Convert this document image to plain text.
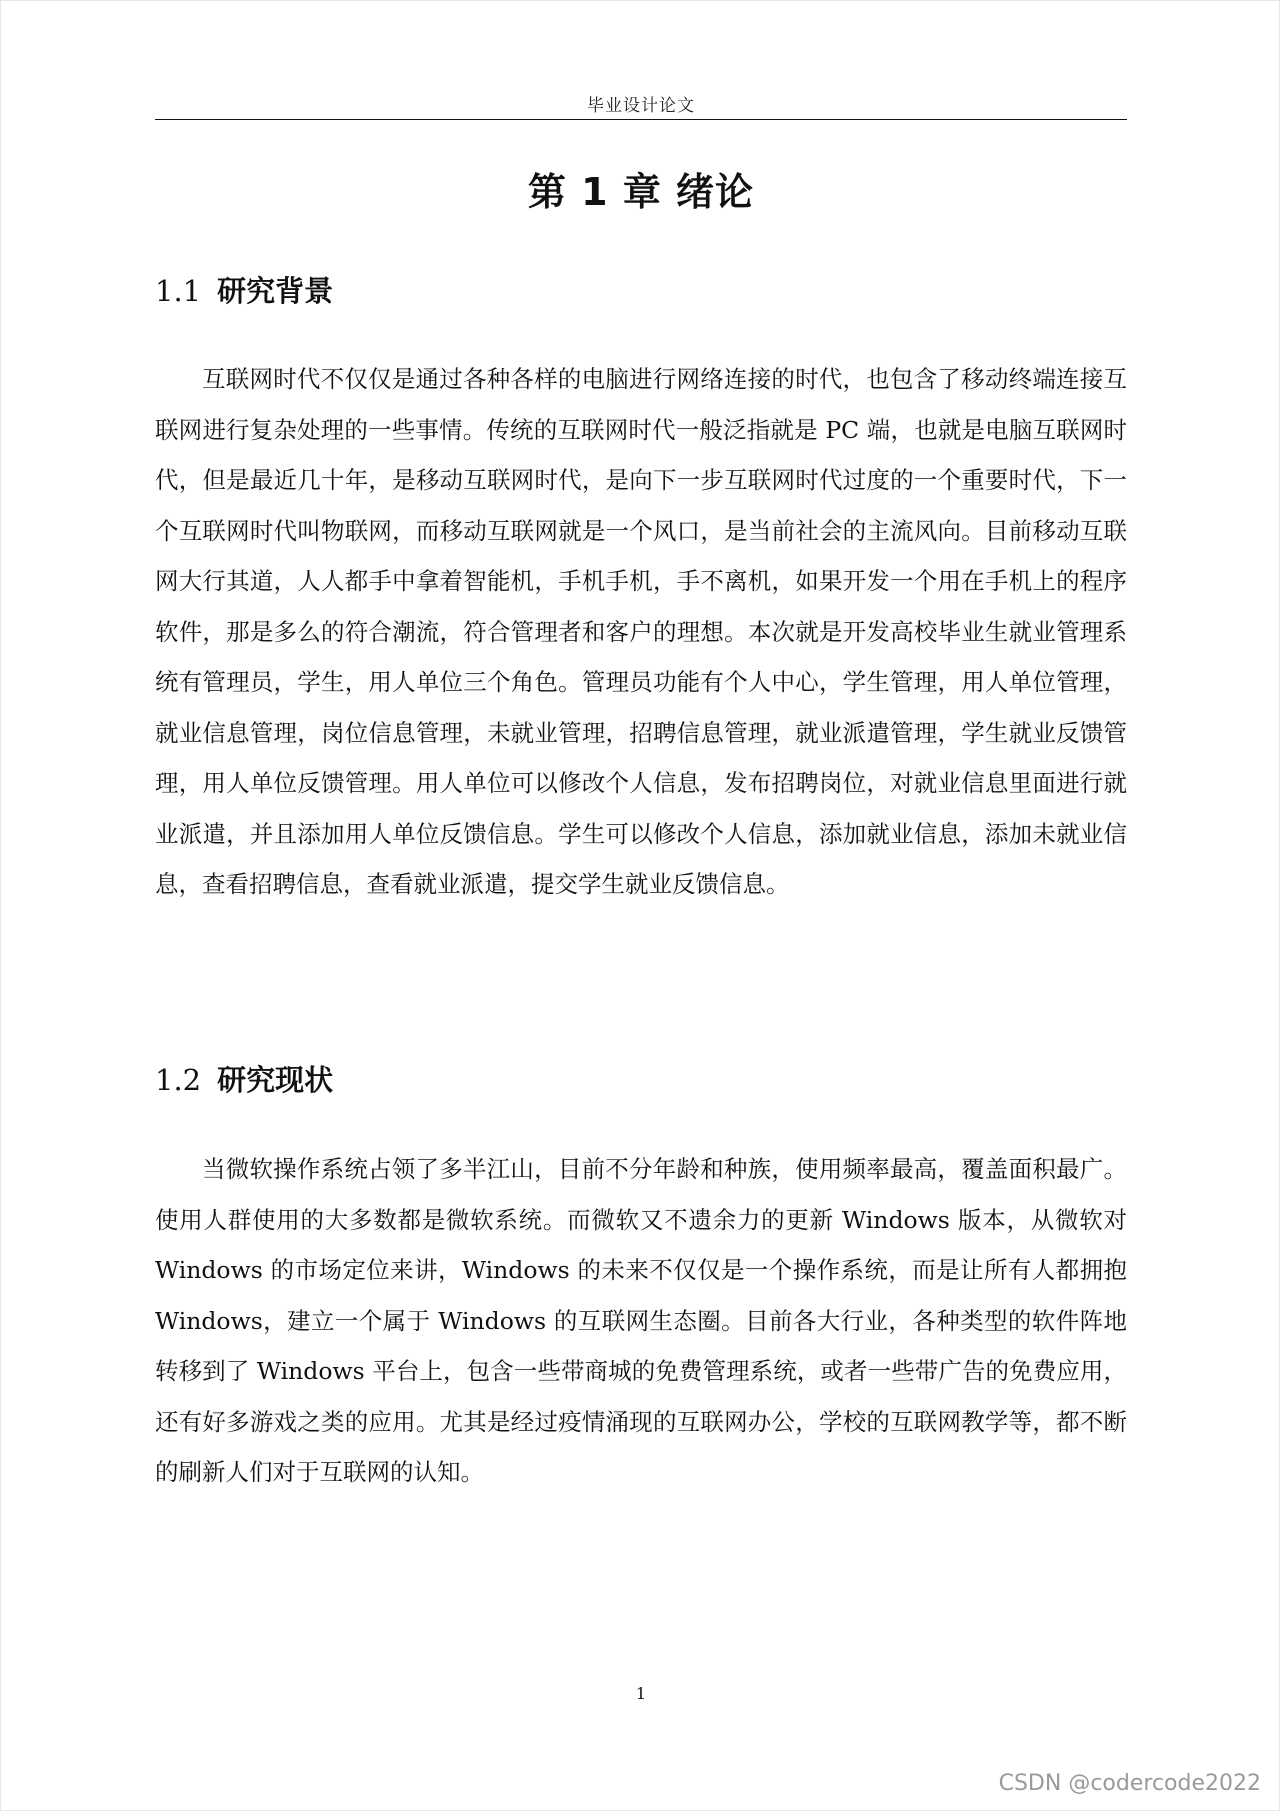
毕业设计论文
第 1 章 绪论
1.1 研究背景

互联网时代不仅仅是通过各种各样的电脑进行网络连接的时代，也包含了移动终端连接互联网进行复杂处理的一些事情。传统的互联网时代一般泛指就是 PC 端，也就是电脑互联网时代，但是最近几十年，是移动互联网时代，是向下一步互联网时代过度的一个重要时代，下一个互联网时代叫物联网，而移动互联网就是一个风口，是当前社会的主流风向。目前移动互联网大行其道，人人都手中拿着智能机，手机手机，手不离机，如果开发一个用在手机上的程序软件，那是多么的符合潮流，符合管理者和客户的理想。本次就是开发高校毕业生就业管理系统有管理员，学生，用人单位三个角色。管理员功能有个人中心，学生管理，用人单位管理，就业信息管理，岗位信息管理，未就业管理，招聘信息管理，就业派遣管理，学生就业反馈管理，用人单位反馈管理。用人单位可以修改个人信息，发布招聘岗位，对就业信息里面进行就业派遣，并且添加用人单位反馈信息。学生可以修改个人信息，添加就业信息，添加未就业信息，查看招聘信息，查看就业派遣，提交学生就业反馈信息。

1.2 研究现状

当微软操作系统占领了多半江山，目前不分年龄和种族，使用频率最高，覆盖面积最广。使用人群使用的大多数都是微软系统。而微软又不遗余力的更新 Windows 版本，从微软对 Windows 的市场定位来讲，Windows 的未来不仅仅是一个操作系统，而是让所有人都拥抱 Windows，建立一个属于 Windows 的互联网生态圈。目前各大行业，各种类型的软件阵地转移到了 Windows 平台上，包含一些带商城的免费管理系统，或者一些带广告的免费应用，还有好多游戏之类的应用。尤其是经过疫情涌现的互联网办公，学校的互联网教学等，都不断的刷新人们对于互联网的认知。

1
CSDN @codercode2022
